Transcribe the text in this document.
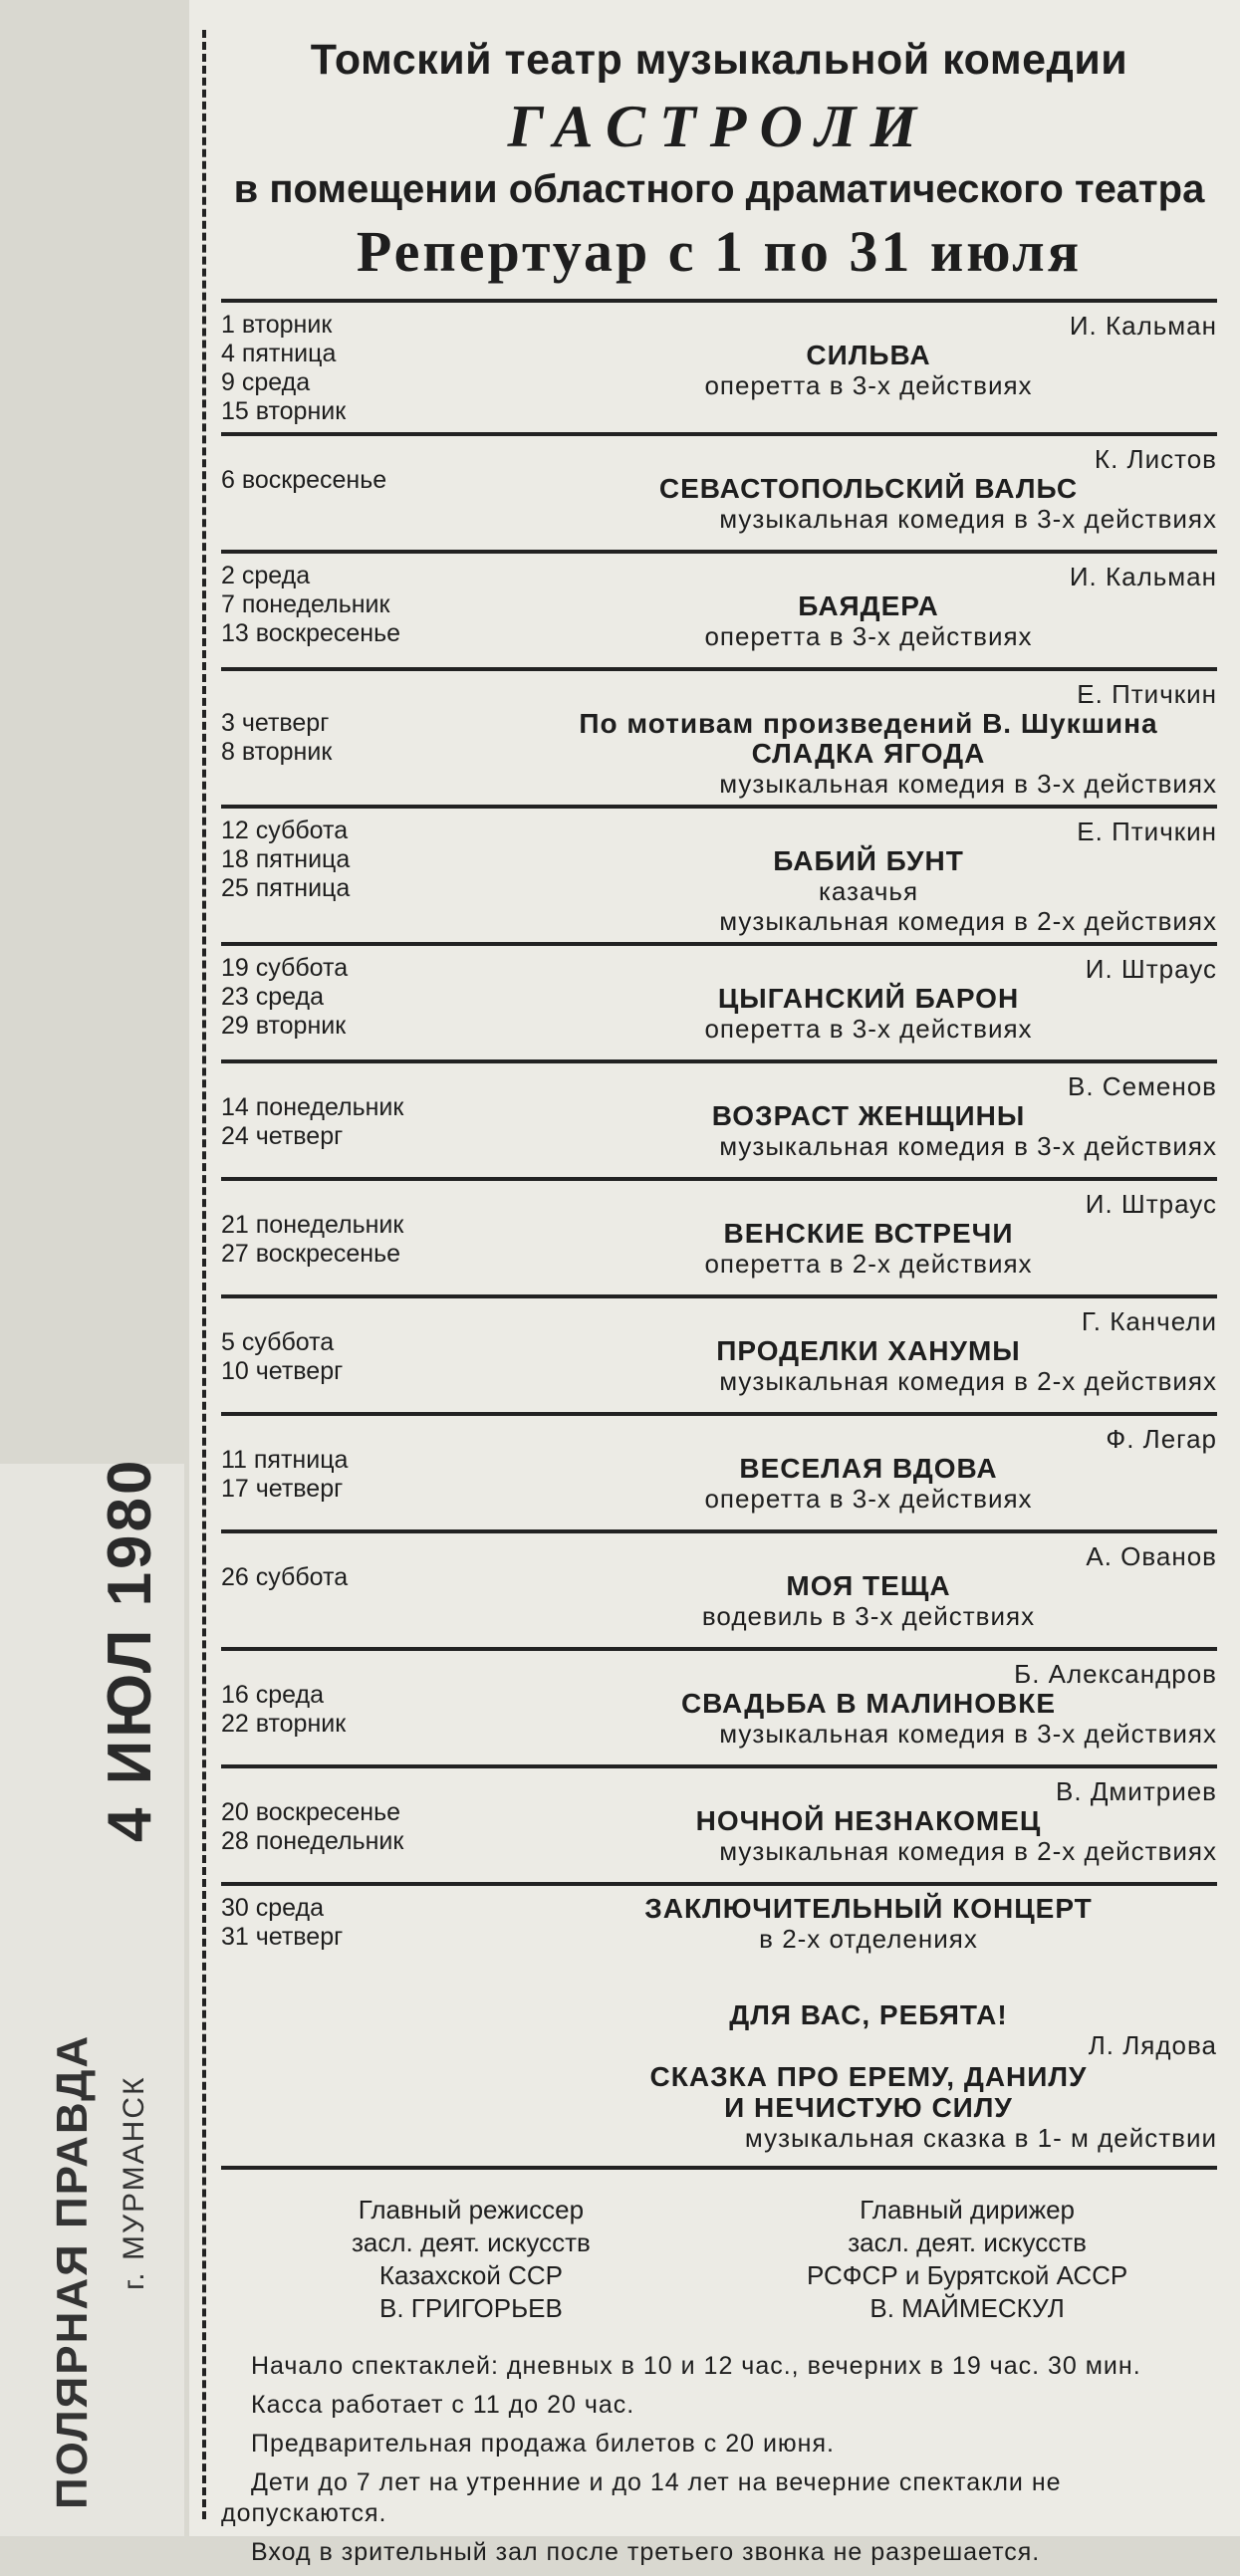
ПОЛЯРНАЯ ПРАВДА
4 ИЮЛ 1980
г. МУРМАНСК
Томский театр музыкальной комедии
ГАСТРОЛИ
в помещении областного драматического театра
Репертуар с 1 по 31 июля
1 вторник
4 пятница
9 среда
15 вторник
И. Кальман
СИЛЬВА
оперетта в 3-х действиях
6 воскресенье
К. Листов
СЕВАСТОПОЛЬСКИЙ ВАЛЬС
музыкальная комедия в 3-х действиях
2 среда
7 понедельник
13 воскресенье
И. Кальман
БАЯДЕРА
оперетта в 3-х действиях
3 четверг
8 вторник
Е. Птичкин
По мотивам произведений В. Шукшина
СЛАДКА ЯГОДА
музыкальная комедия в 3-х действиях
12 суббота
18 пятница
25 пятница
Е. Птичкин
БАБИЙ БУНТ
казачья
музыкальная комедия в 2-х действиях
19 суббота
23 среда
29 вторник
И. Штраус
ЦЫГАНСКИЙ БАРОН
оперетта в 3-х действиях
14 понедельник
24 четверг
В. Семенов
ВОЗРАСТ ЖЕНЩИНЫ
музыкальная комедия в 3-х действиях
21 понедельник
27 воскресенье
И. Штраус
ВЕНСКИЕ ВСТРЕЧИ
оперетта в 2-х действиях
5 суббота
10 четверг
Г. Канчели
ПРОДЕЛКИ ХАНУМЫ
музыкальная комедия в 2-х действиях
11 пятница
17 четверг
Ф. Легар
ВЕСЕЛАЯ ВДОВА
оперетта в 3-х действиях
26 суббота
А. Ованов
МОЯ ТЕЩА
водевиль в 3-х действиях
16 среда
22 вторник
Б. Александров
СВАДЬБА В МАЛИНОВКЕ
музыкальная комедия в 3-х действиях
20 воскресенье
28 понедельник
В. Дмитриев
НОЧНОЙ НЕЗНАКОМЕЦ
музыкальная комедия в 2-х действиях
30 среда
31 четверг
ЗАКЛЮЧИТЕЛЬНЫЙ КОНЦЕРТ
в 2-х отделениях
ДЛЯ ВАС, РЕБЯТА!
Л. Лядова
СКАЗКА ПРО ЕРЕМУ, ДАНИЛУ
И НЕЧИСТУЮ СИЛУ
музыкальная сказка в 1- м действии
Главный режиссер
засл. деят. искусств
Казахской ССР
В. ГРИГОРЬЕВ
Главный дирижер
засл. деят. искусств
РСФСР и Бурятской АССР
В. МАЙМЕСКУЛ

Начало спектаклей: дневных в 10 и 12 час., вечерних в 19 час. 30 мин.

Касса работает с 11 до 20 час.

Предварительная продажа билетов с 20 июня.

Дети до 7 лет на утренние и до 14 лет на вечерние спектакли не допускаются.

Вход в зрительный зал после третьего звонка не разрешается.
